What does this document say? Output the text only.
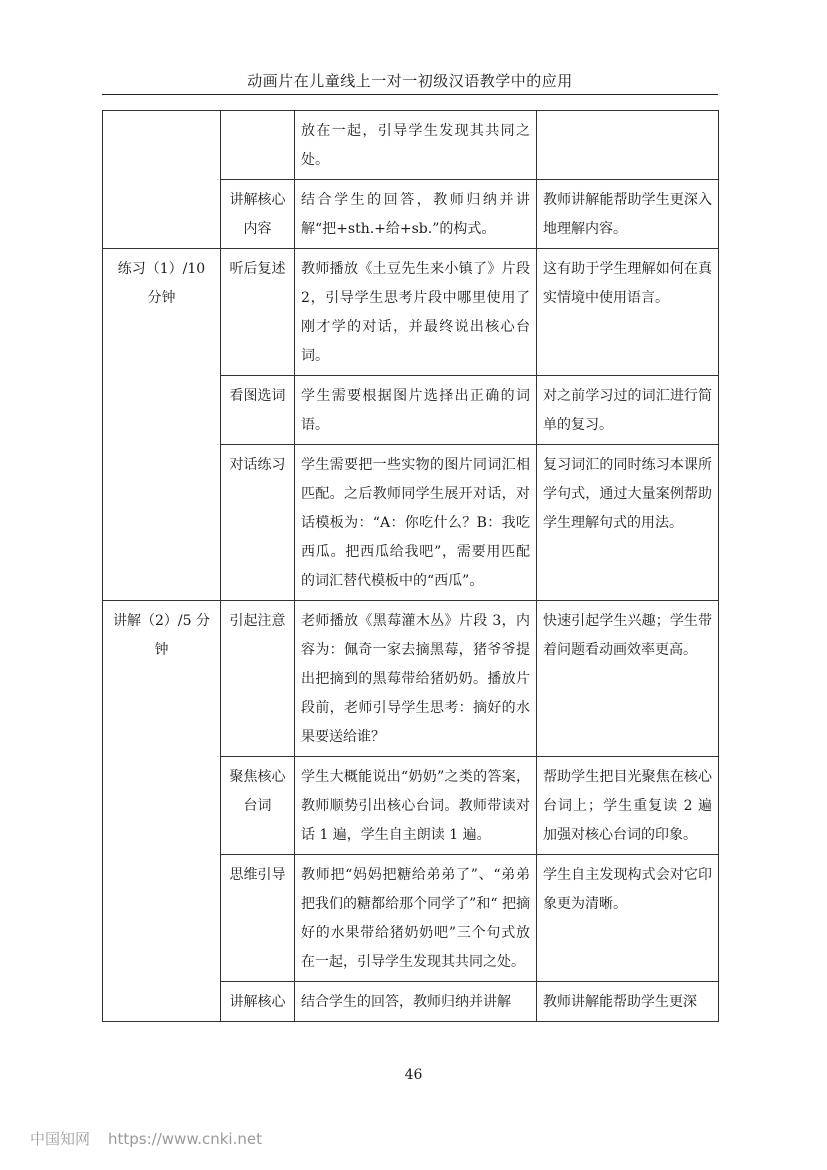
动画片在儿童线上一对一初级汉语教学中的应用
		放在一起，引导学生发现其共同之处。	
	讲解核心内容	结合学生的回答，教师归纳并讲解“把+sth.+给+sb.”的构式。	教师讲解能帮助学生更深入地理解内容。
练习（1）/10 分钟	听后复述	教师播放《土豆先生来小镇了》片段 2，引导学生思考片段中哪里使用了刚才学的对话，并最终说出核心台词。	这有助于学生理解如何在真实情境中使用语言。
	看图选词	学生需要根据图片选择出正确的词语。	对之前学习过的词汇进行简单的复习。
	对话练习	学生需要把一些实物的图片同词汇相匹配。之后教师同学生展开对话，对话模板为：“A：你吃什么？B：我吃西瓜。把西瓜给我吧”，需要用匹配的词汇替代模板中的“西瓜”。	复习词汇的同时练习本课所学句式，通过大量案例帮助学生理解句式的用法。
讲解（2）/5 分钟	引起注意	老师播放《黑莓灌木丛》片段 3，内容为：佩奇一家去摘黑莓，猪爷爷提出把摘到的黑莓带给猪奶奶。播放片段前，老师引导学生思考：摘好的水果要送给谁？	快速引起学生兴趣；学生带着问题看动画效率更高。
	聚焦核心台词	学生大概能说出“奶奶”之类的答案，教师顺势引出核心台词。教师带读对话 1 遍，学生自主朗读 1 遍。	帮助学生把目光聚焦在核心台词上；学生重复读 2 遍加强对核心台词的印象。
	思维引导	教师把“妈妈把糖给弟弟了”、“弟弟把我们的糖都给那个同学了”和“ 把摘好的水果带给猪奶奶吧”三个句式放在一起，引导学生发现其共同之处。	学生自主发现构式会对它印象更为清晰。
	讲解核心	结合学生的回答，教师归纳并讲解	教师讲解能帮助学生更深
46
中国知网 https://www.cnki.net
